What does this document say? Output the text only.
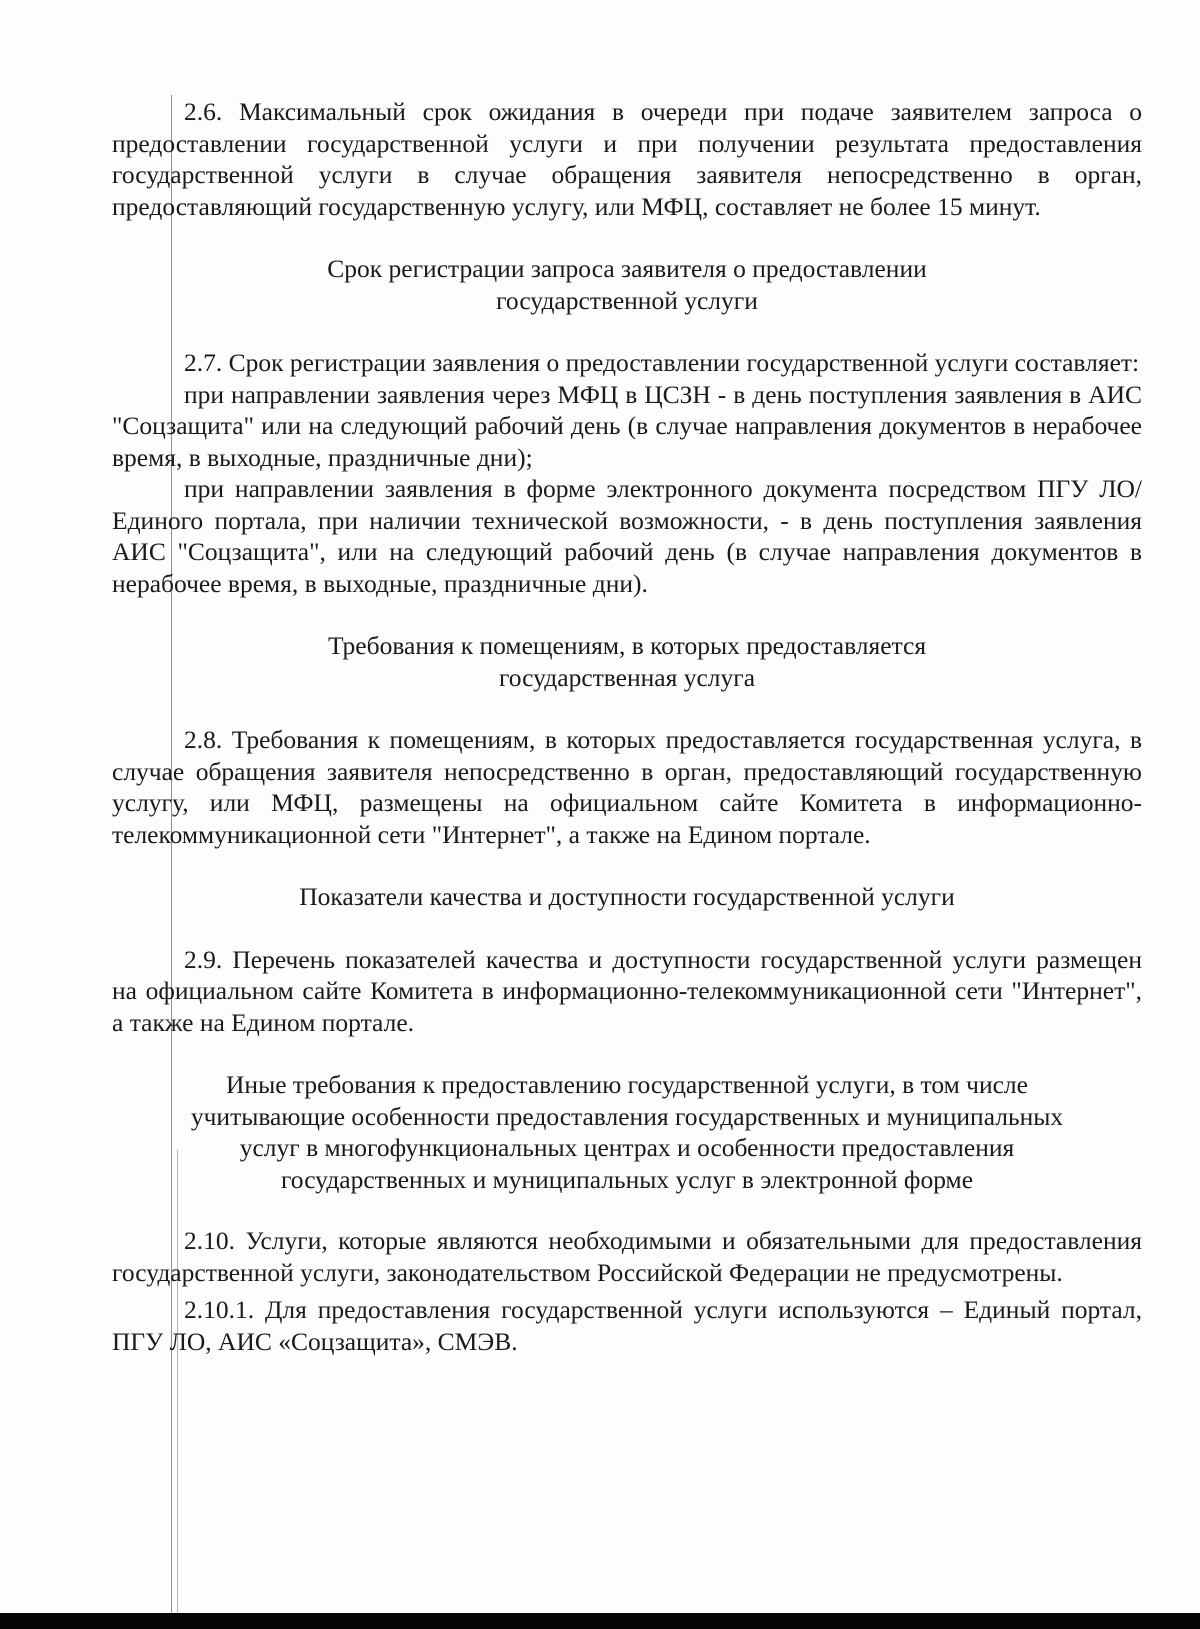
2.6. Максимальный срок ожидания в очереди при подаче заявителем запроса о предоставлении государственной услуги и при получении результата предоставления государственной услуги в случае обращения заявителя непосредственно в орган, предоставляющий государственную услугу, или МФЦ, составляет не более 15 минут.

Срок регистрации запроса заявителя о предоставлении

государственной услуги

2.7. Срок регистрации заявления о предоставлении государственной услуги составляет:

при направлении заявления через МФЦ в ЦСЗН - в день поступления заявления в АИС "Соцзащита" или на следующий рабочий день (в случае направления документов в нерабочее время, в выходные, праздничные дни);

при направлении заявления в форме электронного документа посредством ПГУ ЛО/Единого портала, при наличии технической возможности, - в день поступления заявления АИС "Соцзащита", или на следующий рабочий день (в случае направления документов в нерабочее время, в выходные, праздничные дни).

Требования к помещениям, в которых предоставляется

государственная услуга

2.8. Требования к помещениям, в которых предоставляется государственная услуга, в случае обращения заявителя непосредственно в орган, предоставляющий государственную услугу, или МФЦ, размещены на официальном сайте Комитета в информационно-телекоммуникационной сети "Интернет", а также на Едином портале.

Показатели качества и доступности государственной услуги

2.9. Перечень показателей качества и доступности государственной услуги размещен на официальном сайте Комитета в информационно-телекоммуникационной сети "Интернет", а также на Едином портале.

Иные требования к предоставлению государственной услуги, в том числе

учитывающие особенности предоставления государственных и муниципальных

услуг в многофункциональных центрах и особенности предоставления

государственных и муниципальных услуг в электронной форме

2.10. Услуги, которые являются необходимыми и обязательными для предоставления государственной услуги, законодательством Российской Федерации не предусмотрены.

2.10.1. Для предоставления государственной услуги используются – Единый портал, ПГУ ЛО, АИС «Соцзащита», СМЭВ.
